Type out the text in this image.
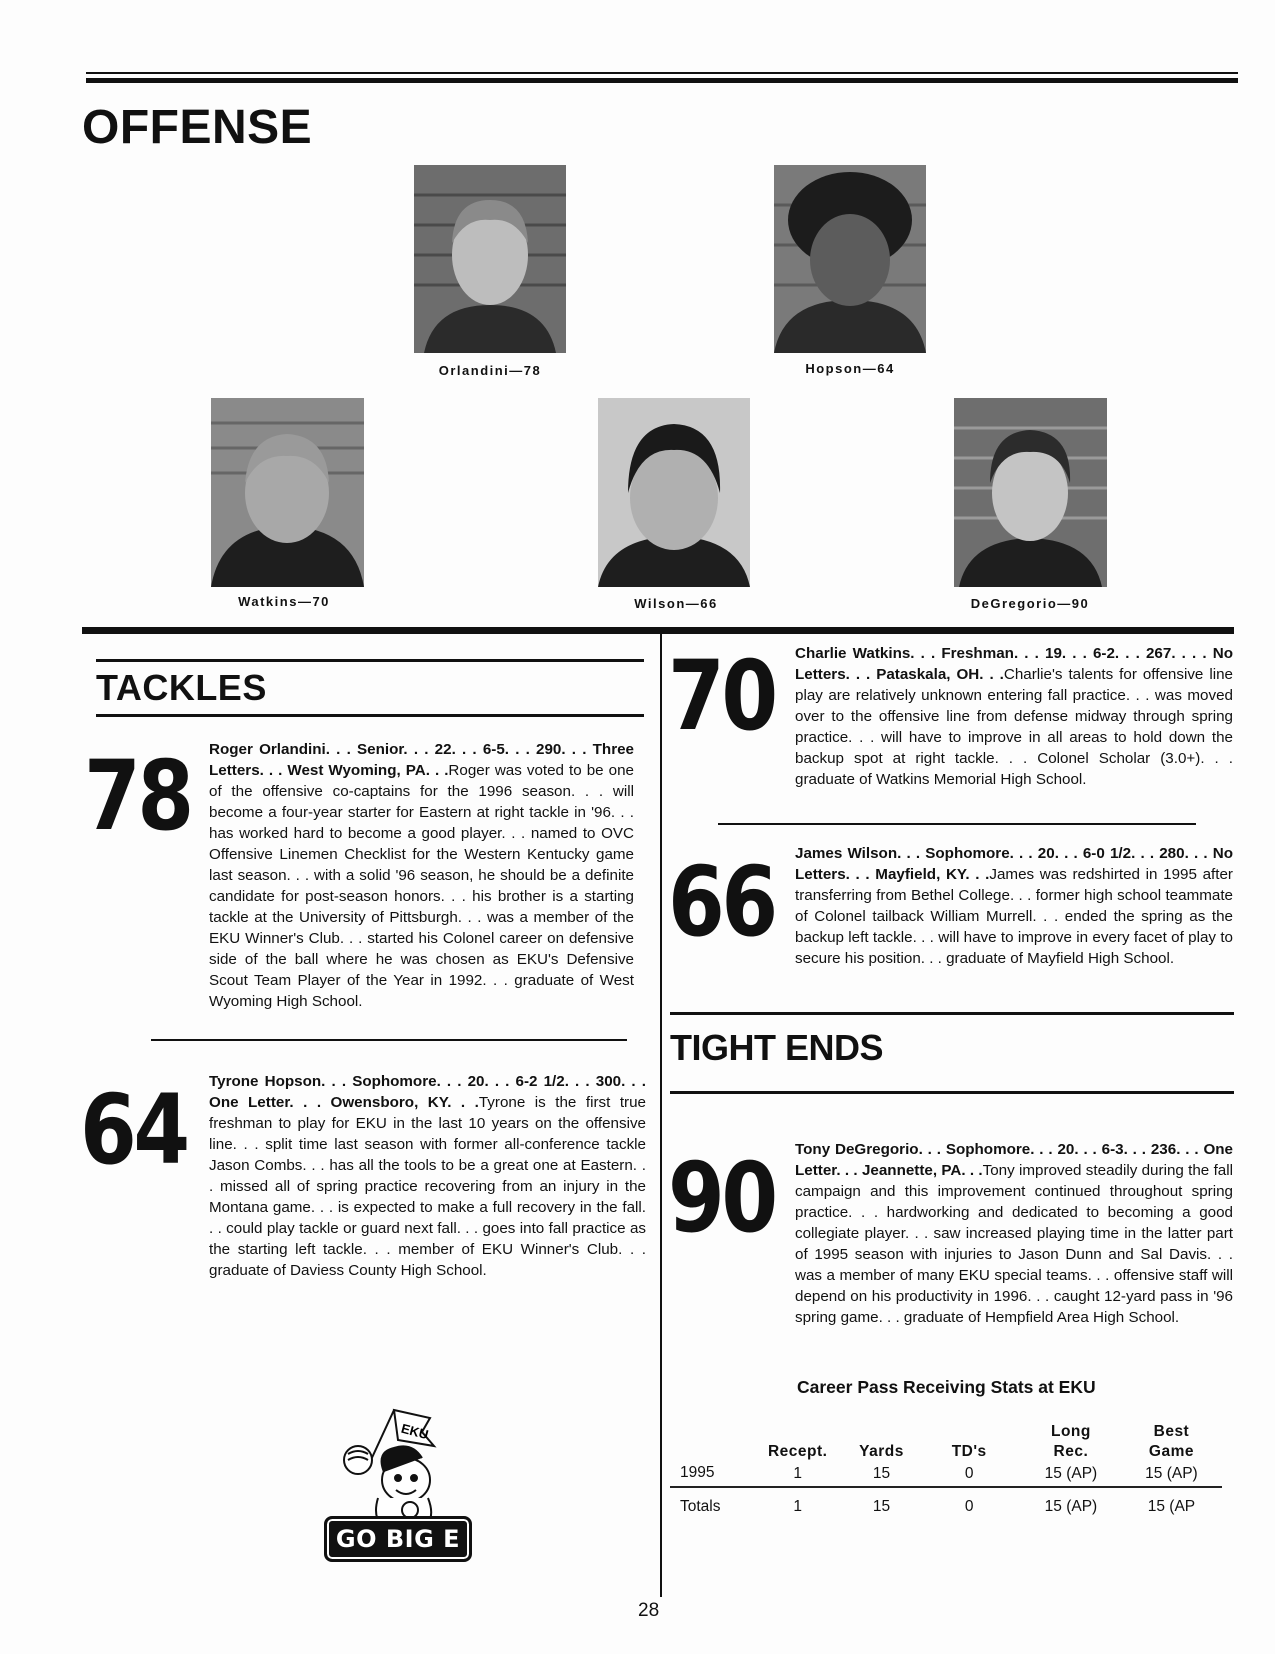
OFFENSE
Orlandini—78	Hopson—64
Watkins—70	Wilson—66	DeGregorio—90
TACKLES
78 Roger Orlandini. . . Senior. . . 22. . . 6-5. . . 290. . . Three Letters. . . West Wyoming, PA. . .Roger was voted to be one of the offensive co-captains for the 1996 season. . . will become a four-year starter for Eastern at right tackle in '96. . . has worked hard to become a good player. . . named to OVC Offensive Linemen Checklist for the Western Kentucky game last season. . . with a solid '96 season, he should be a definite candidate for post-season honors. . . his brother is a starting tackle at the University of Pittsburgh. . . was a member of the EKU Winner's Club. . . started his Colonel career on defensive side of the ball where he was chosen as EKU's Defensive Scout Team Player of the Year in 1992. . . graduate of West Wyoming High School.
64 Tyrone Hopson. . . Sophomore. . . 20. . . 6-2 1/2. . . 300. . . One Letter. . . Owensboro, KY. . .Tyrone is the first true freshman to play for EKU in the last 10 years on the offensive line. . . split time last season with former all-conference tackle Jason Combs. . . has all the tools to be a great one at Eastern. . . missed all of spring practice recovering from an injury in the Montana game. . . is expected to make a full recovery in the fall. . . could play tackle or guard next fall. . . goes into fall practice as the starting left tackle. . . member of EKU Winner's Club. . . graduate of Daviess County High School.
70 Charlie Watkins. . . Freshman. . . 19. . . 6-2. . . 267. . . . No Letters. . . Pataskala, OH. . .Charlie's talents for offensive line play are relatively unknown entering fall practice. . . was moved over to the offensive line from defense midway through spring practice. . . will have to improve in all areas to hold down the backup spot at right tackle. . . Colonel Scholar (3.0+). . . graduate of Watkins Memorial High School.
66 James Wilson. . . Sophomore. . . 20. . . 6-0 1/2. . . 280. . . No Letters. . . Mayfield, KY. . .James was redshirted in 1995 after transferring from Bethel College. . . former high school teammate of Colonel tailback William Murrell. . . ended the spring as the backup left tackle. . . will have to improve in every facet of play to secure his position. . . graduate of Mayfield High School.
TIGHT ENDS
90 Tony DeGregorio. . . Sophomore. . . 20. . . 6-3. . . 236. . . One Letter. . . Jeannette, PA. . .Tony improved steadily during the fall campaign and this improvement continued throughout spring practice. . . hardworking and dedicated to becoming a good collegiate player. . . saw increased playing time in the latter part of 1995 season with injuries to Jason Dunn and Sal Davis. . . was a member of many EKU special teams. . . offensive staff will depend on his productivity in 1996. . . caught 12-yard pass in '96 spring game. . . graduate of Hempfield Area High School.
Career Pass Receiving Stats at EKU
	Recept.	Yards	TD's	Long Rec.	Best Game
1995	1	15	0	15 (AP)	15 (AP)
Totals	1	15	0	15 (AP)	15 (AP
EKU
GO BIG E
28
